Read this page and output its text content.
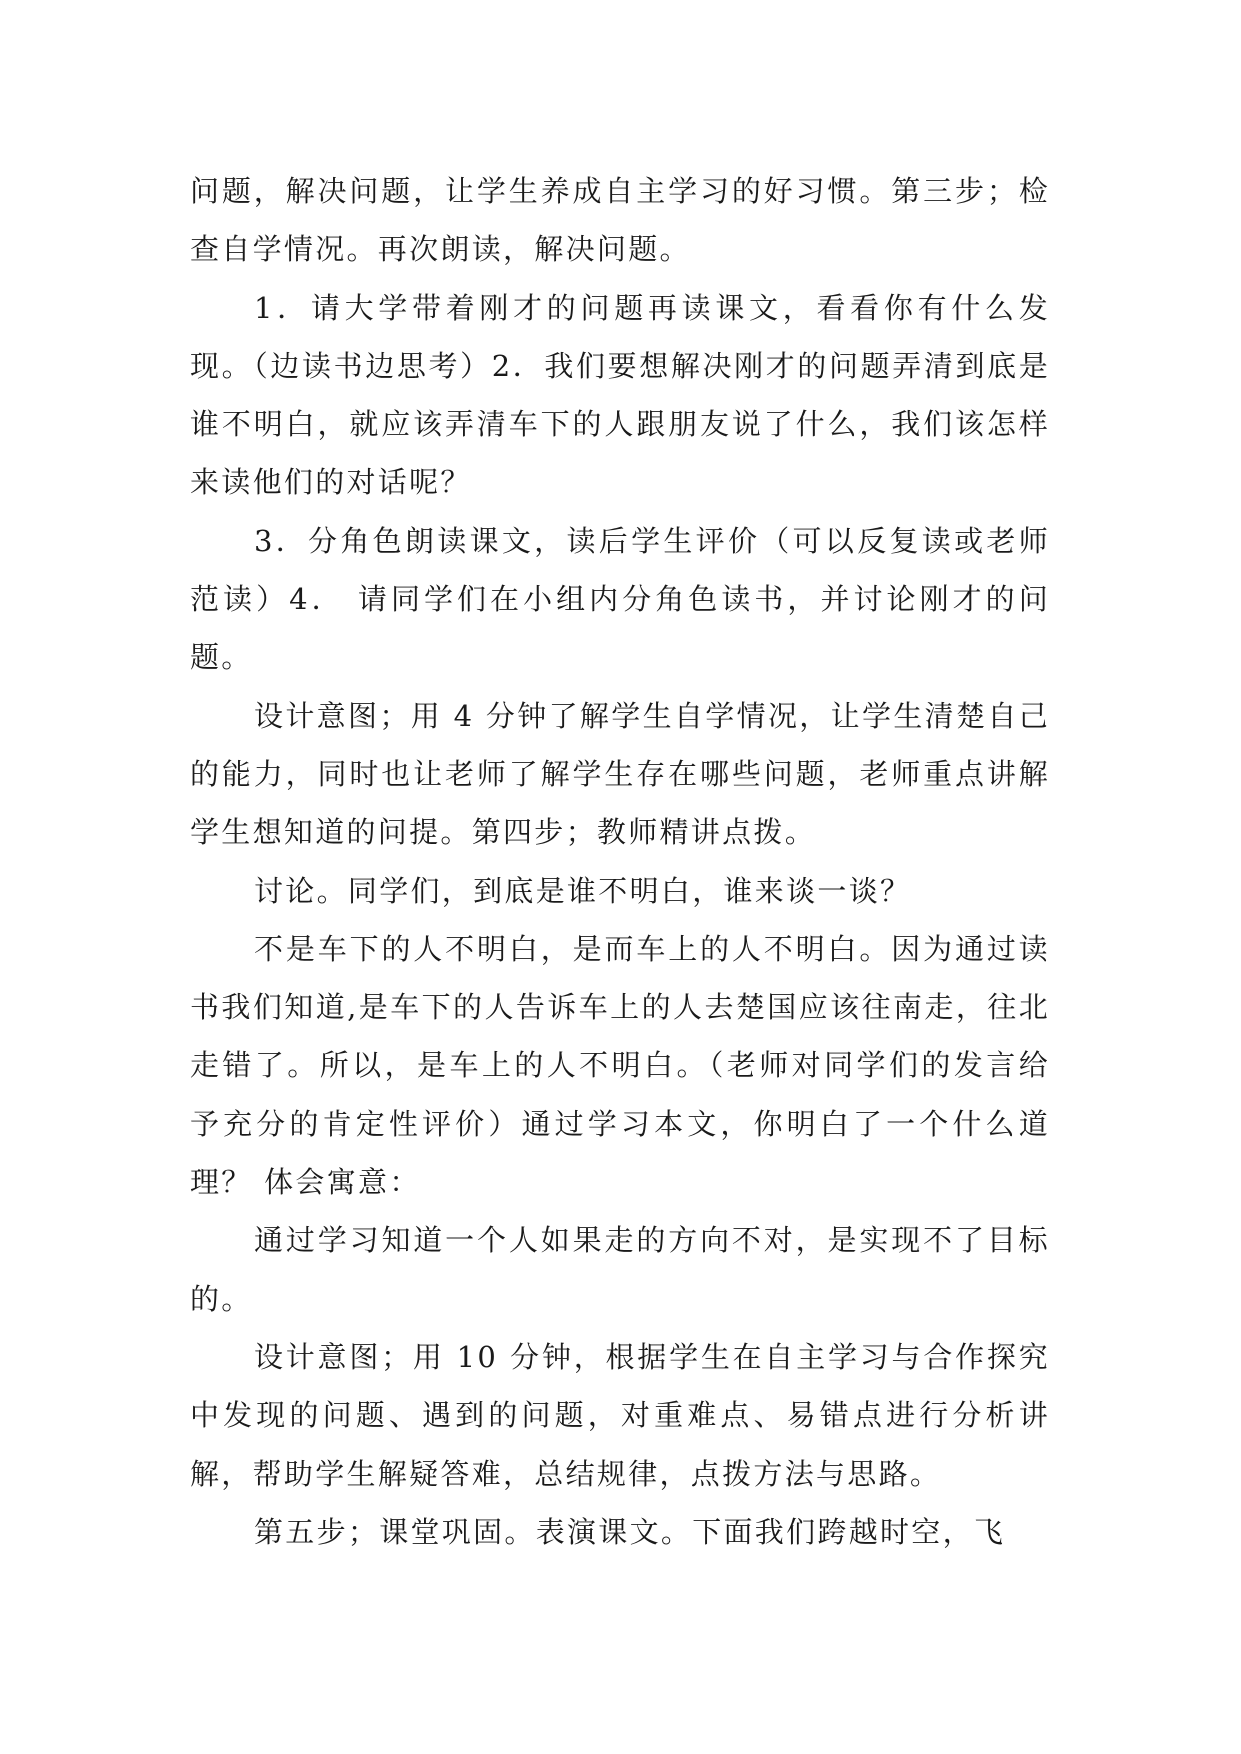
问题，解决问题，让学生养成自主学习的好习惯。第三步；检查自学情况。再次朗读，解决问题。

1．请大学带着刚才的问题再读课文，看看你有什么发现。（边读书边思考）2．我们要想解决刚才的问题弄清到底是谁不明白，就应该弄清车下的人跟朋友说了什么，我们该怎样来读他们的对话呢？

3．分角色朗读课文，读后学生评价（可以反复读或老师范读）4． 请同学们在小组内分角色读书，并讨论刚才的问题。

设计意图；用 4 分钟了解学生自学情况，让学生清楚自己的能力，同时也让老师了解学生存在哪些问题，老师重点讲解学生想知道的问提。第四步；教师精讲点拨。

讨论。同学们，到底是谁不明白，谁来谈一谈？

不是车下的人不明白，是而车上的人不明白。因为通过读书我们知道,是车下的人告诉车上的人去楚国应该往南走，往北走错了。所以，是车上的人不明白。（老师对同学们的发言给予充分的肯定性评价）通过学习本文，你明白了一个什么道理？ 体会寓意：

通过学习知道一个人如果走的方向不对，是实现不了目标的。

设计意图；用 10 分钟，根据学生在自主学习与合作探究中发现的问题、遇到的问题，对重难点、易错点进行分析讲解，帮助学生解疑答难，总结规律，点拨方法与思路。

第五步；课堂巩固。表演课文。下面我们跨越时空，飞
